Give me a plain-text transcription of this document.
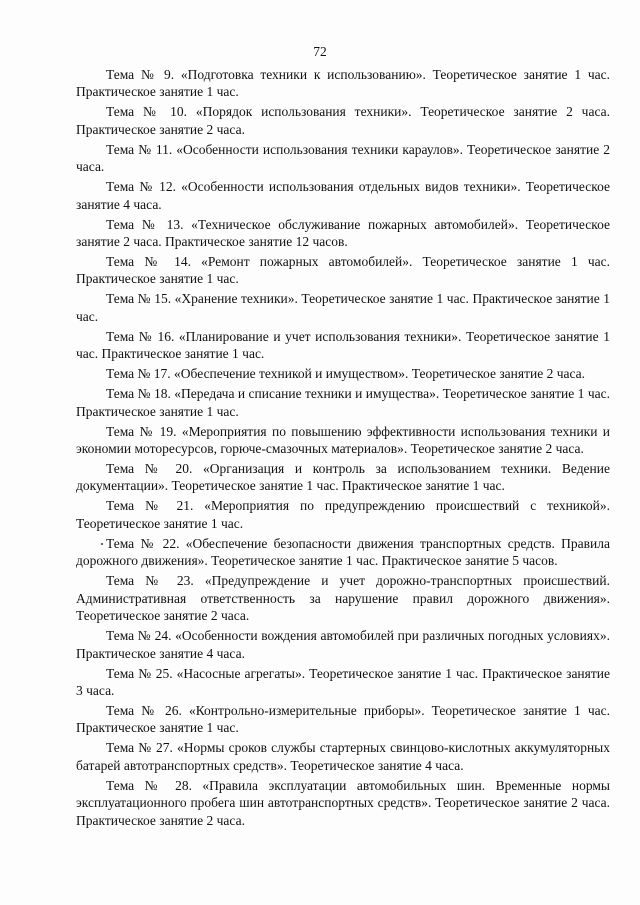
72

Тема № 9. «Подготовка техники к использованию». Теоретическое занятие 1 час. Практическое занятие 1 час.

Тема № 10. «Порядок использования техники». Теоретическое занятие 2 часа. Практическое занятие 2 часа.

Тема № 11. «Особенности использования техники караулов». Теоретическое занятие 2 часа.

Тема № 12. «Особенности использования отдельных видов техники». Теоретическое занятие 4 часа.

Тема № 13. «Техническое обслуживание пожарных автомобилей». Теоретическое занятие 2 часа. Практическое занятие 12 часов.

Тема № 14. «Ремонт пожарных автомобилей». Теоретическое занятие 1 час. Практическое занятие 1 час.

Тема № 15. «Хранение техники». Теоретическое занятие 1 час. Практическое занятие 1 час.

Тема № 16. «Планирование и учет использования техники». Теоретическое занятие 1 час. Практическое занятие 1 час.

Тема № 17. «Обеспечение техникой и имуществом». Теоретическое занятие 2 часа.

Тема № 18. «Передача и списание техники и имущества». Теоретическое занятие 1 час. Практическое занятие 1 час.

Тема № 19. «Мероприятия по повышению эффективности использования техники и экономии моторесурсов, горюче-смазочных материалов». Теоретическое занятие 2 часа.

Тема № 20. «Организация и контроль за использованием техники. Ведение документации». Теоретическое занятие 1 час. Практическое занятие 1 час.

Тема № 21. «Мероприятия по предупреждению происшествий с техникой». Теоретическое занятие 1 час.

Тема № 22. «Обеспечение безопасности движения транспортных средств. Правила дорожного движения». Теоретическое занятие 1 час. Практическое занятие 5 часов.

Тема № 23. «Предупреждение и учет дорожно-транспортных происшествий. Административная ответственность за нарушение правил дорожного движения». Теоретическое занятие 2 часа.

Тема № 24. «Особенности вождения автомобилей при различных погодных условиях». Практическое занятие 4 часа.

Тема № 25. «Насосные агрегаты». Теоретическое занятие 1 час. Практическое занятие 3 часа.

Тема № 26. «Контрольно-измерительные приборы». Теоретическое занятие 1 час. Практическое занятие 1 час.

Тема № 27. «Нормы сроков службы стартерных свинцово-кислотных аккумуляторных батарей автотранспортных средств». Теоретическое занятие 4 часа.

Тема № 28. «Правила эксплуатации автомобильных шин. Временные нормы эксплуатационного пробега шин автотранспортных средств». Теоретическое занятие 2 часа. Практическое занятие 2 часа.
